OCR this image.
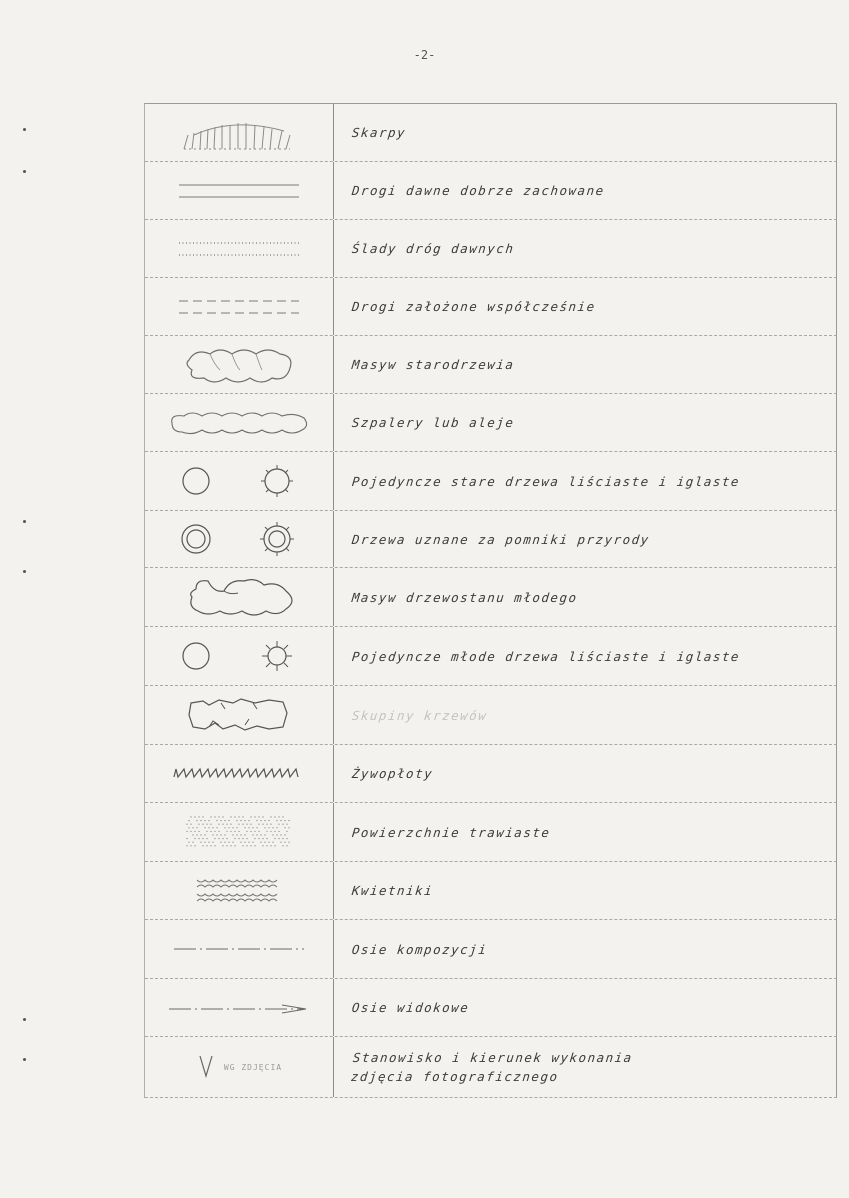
-2-
Skarpy
Drogi dawne dobrze zachowane
Ślady dróg dawnych
Drogi założone współcześnie
Masyw starodrzewia
Szpalery lub aleje
Pojedyncze stare drzewa liściaste i iglaste
Drzewa uznane za pomniki przyrody
Masyw drzewostanu młodego
Pojedyncze młode drzewa liściaste i iglaste
Skupiny krzewów
Żywopłoty
Powierzchnie trawiaste
Kwietniki
Osie kompozycji
Osie widokowe
WG ZDJĘCIA
Stanowisko i kierunek wykonania
zdjęcia fotograficznego
